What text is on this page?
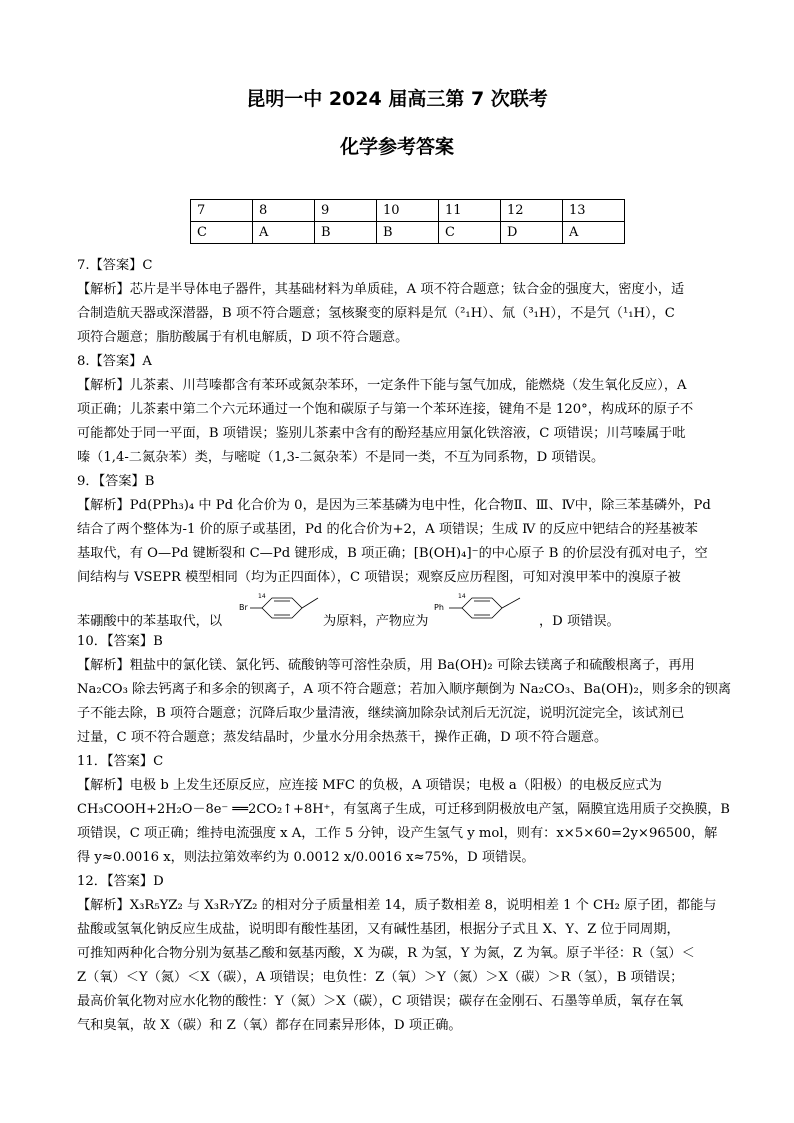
昆明一中 2024 届高三第 7 次联考
化学参考答案
7	8	9	10	11	12	13
C	A	B	B	C	D	A
7.【答案】C
【解析】芯片是半导体电子器件，其基础材料为单质硅，A 项不符合题意；钛合金的强度大，密度小，适
合制造航天器或深潜器，B 项不符合题意；氢核聚变的原料是氘（²₁H）、氚（³₁H），不是氕（¹₁H），C
项符合题意；脂肪酸属于有机电解质，D 项不符合题意。
8.【答案】A
【解析】儿茶素、川芎嗪都含有苯环或氮杂苯环，一定条件下能与氢气加成，能燃烧（发生氧化反应），A
项正确；儿茶素中第二个六元环通过一个饱和碳原子与第一个苯环连接，键角不是 120°，构成环的原子不
可能都处于同一平面，B 项错误；鉴别儿茶素中含有的酚羟基应用氯化铁溶液，C 项错误；川芎嗪属于吡
嗪（1,4-二氮杂苯）类，与嘧啶（1,3-二氮杂苯）不是同一类，不互为同系物，D 项错误。
9．【答案】B
【解析】Pd(PPh₃)₄ 中 Pd 化合价为 0，是因为三苯基磷为电中性，化合物Ⅱ、Ⅲ、Ⅳ中，除三苯基磷外，Pd
结合了两个整体为-1 价的原子或基团，Pd 的化合价为+2，A 项错误；生成 Ⅳ 的反应中钯结合的羟基被苯
基取代，有 O—Pd 键断裂和 C—Pd 键形成，B 项正确；[B(OH)₄]⁻的中心原子 B 的价层没有孤对电子，空
间结构与 VSEPR 模型相同（均为正四面体），C 项错误；观察反应历程图，可知对溴甲苯中的溴原子被
苯硼酸中的苯基取代，以
Br
14
为原料，产物应为
Ph
14
，D 项错误。
10．【答案】B
【解析】粗盐中的氯化镁、氯化钙、硫酸钠等可溶性杂质，用 Ba(OH)₂ 可除去镁离子和硫酸根离子，再用
Na₂CO₃ 除去钙离子和多余的钡离子，A 项不符合题意；若加入顺序颠倒为 Na₂CO₃、Ba(OH)₂，则多余的钡离
子不能去除，B 项符合题意；沉降后取少量清液，继续滴加除杂试剂后无沉淀，说明沉淀完全，该试剂已
过量，C 项不符合题意；蒸发结晶时，少量水分用余热蒸干，操作正确，D 项不符合题意。
11．【答案】C
【解析】电极 b 上发生还原反应，应连接 MFC 的负极，A 项错误；电极 a（阳极）的电极反应式为
CH₃COOH+2H₂O－8e⁻ ══2CO₂↑+8H⁺，有氢离子生成，可迁移到阴极放电产氢，隔膜宜选用质子交换膜，B
项错误，C 项正确；维持电流强度 x A，工作 5 分钟，设产生氢气 y mol，则有：x×5×60=2y×96500，解
得 y≈0.0016 x，则法拉第效率约为 0.0012 x/0.0016 x≈75%，D 项错误。
12．【答案】D
【解析】X₃R₅YZ₂ 与 X₃R₇YZ₂ 的相对分子质量相差 14，质子数相差 8，说明相差 1 个 CH₂ 原子团，都能与
盐酸或氢氧化钠反应生成盐，说明即有酸性基团，又有碱性基团，根据分子式且 X、Y、Z 位于同周期，
可推知两种化合物分别为氨基乙酸和氨基丙酸，X 为碳，R 为氢，Y 为氮，Z 为氧。原子半径：R（氢）＜
Z（氧）＜Y（氮）＜X（碳），A 项错误；电负性：Z（氧）＞Y（氮）＞X（碳）＞R（氢），B 项错误；
最高价氧化物对应水化物的酸性：Y（氮）＞X（碳），C 项错误；碳存在金刚石、石墨等单质，氧存在氧
气和臭氧，故 X（碳）和 Z（氧）都存在同素异形体，D 项正确。
